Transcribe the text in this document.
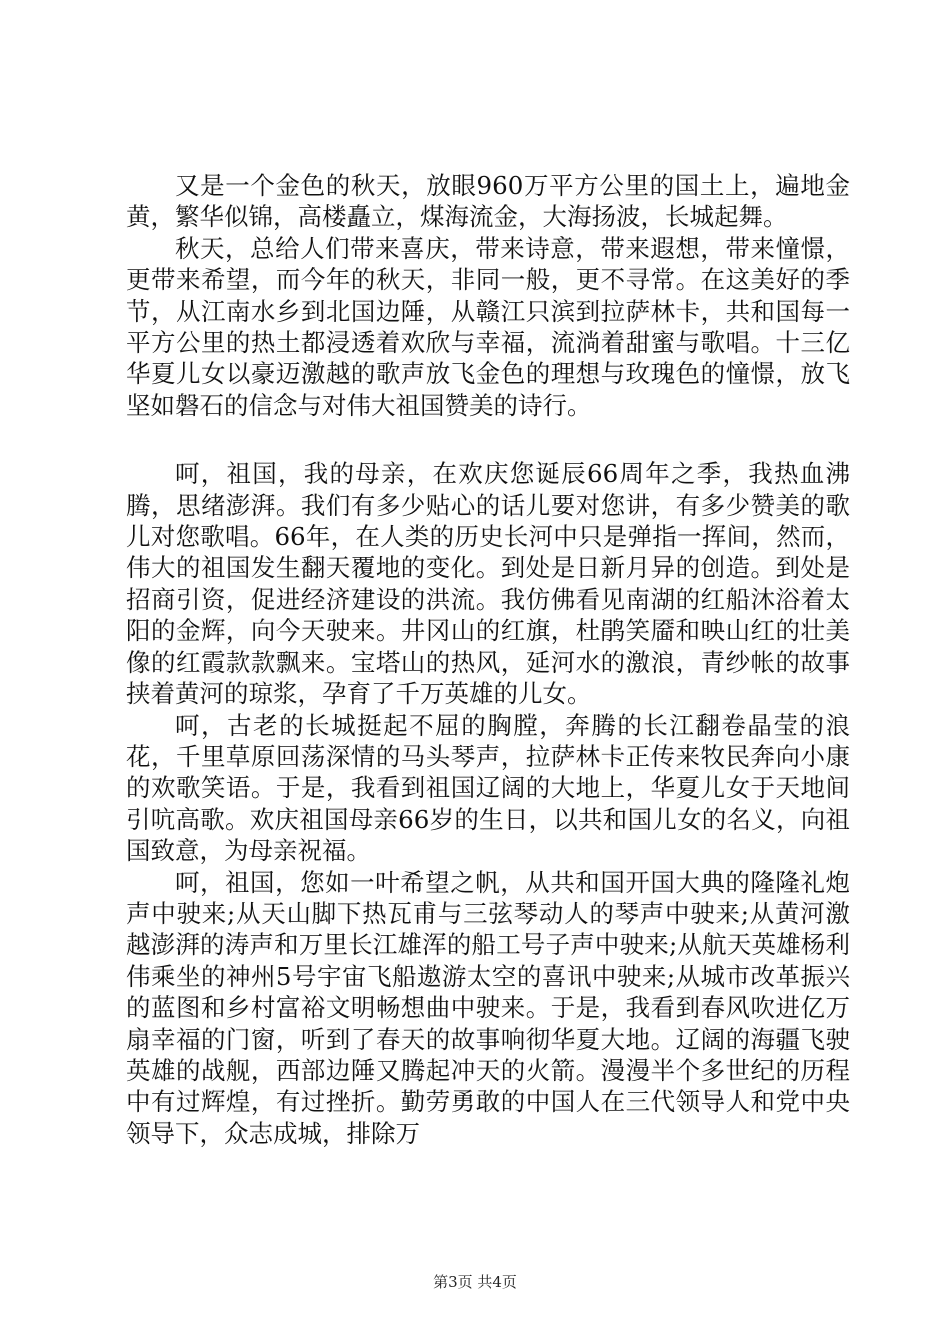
又是一个金色的秋天，放眼960万平方公里的国土上，遍地金黄，繁华似锦，高楼矗立，煤海流金，大海扬波，长城起舞。

秋天，总给人们带来喜庆，带来诗意，带来遐想，带来憧憬，更带来希望，而今年的秋天，非同一般，更不寻常。在这美好的季节，从江南水乡到北国边陲，从赣江只滨到拉萨林卡，共和国每一平方公里的热土都浸透着欢欣与幸福，流淌着甜蜜与歌唱。十三亿华夏儿女以豪迈激越的歌声放飞金色的理想与玫瑰色的憧憬，放飞坚如磐石的信念与对伟大祖国赞美的诗行。

呵，祖国，我的母亲，在欢庆您诞辰66周年之季，我热血沸腾，思绪澎湃。我们有多少贴心的话儿要对您讲，有多少赞美的歌儿对您歌唱。66年，在人类的历史长河中只是弹指一挥间，然而，伟大的祖国发生翻天覆地的变化。到处是日新月异的创造。到处是招商引资，促进经济建设的洪流。我仿佛看见南湖的红船沐浴着太阳的金辉，向今天驶来。井冈山的红旗，杜鹃笑靥和映山红的壮美像的红霞款款飘来。宝塔山的热风，延河水的激浪，青纱帐的故事挟着黄河的琼浆，孕育了千万英雄的儿女。

呵，古老的长城挺起不屈的胸膛，奔腾的长江翻卷晶莹的浪花，千里草原回荡深情的马头琴声，拉萨林卡正传来牧民奔向小康的欢歌笑语。于是，我看到祖国辽阔的大地上，华夏儿女于天地间引吭高歌。欢庆祖国母亲66岁的生日，以共和国儿女的名义，向祖国致意，为母亲祝福。

呵，祖国，您如一叶希望之帆，从共和国开国大典的隆隆礼炮声中驶来;从天山脚下热瓦甫与三弦琴动人的琴声中驶来;从黄河激越澎湃的涛声和万里长江雄浑的船工号子声中驶来;从航天英雄杨利伟乘坐的神州5号宇宙飞船遨游太空的喜讯中驶来;从城市改革振兴的蓝图和乡村富裕文明畅想曲中驶来。于是，我看到春风吹进亿万扇幸福的门窗，听到了春天的故事响彻华夏大地。辽阔的海疆飞驶英雄的战舰，西部边陲又腾起冲天的火箭。漫漫半个多世纪的历程中有过辉煌，有过挫折。勤劳勇敢的中国人在三代领导人和党中央领导下，众志成城，排除万

第3页 共4页
